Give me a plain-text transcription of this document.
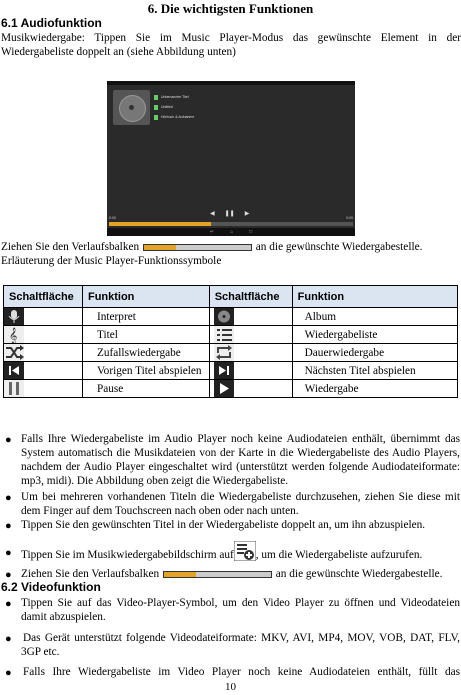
6. Die wichtigsten Funktionen
6.1 Audiofunktion
Musikwiedergabe: Tippen Sie im Music Player-Modus das gewünschte Element in der Wiedergabeliste doppelt an (siehe Abbildung unten)
Unbenannter Titel
Untitled
Hörbuch & Aufnahme
◀ ❚❚ ▶
0:00	0:00
↵	⌂	□
Ziehen Sie den Verlaufsbalken	an die gewünschte Wiedergabestelle.
Erläuterung der Music Player-Funktionssymbole
Schaltfläche	Funktion	Schaltfläche	Funktion

	Interpret		Album

𝄞	Titel		Wiedergabeliste

	Zufallswiedergabe		Dauerwiedergabe

	Vorigen Titel abspielen		Nächsten Titel abspielen

	Pause		Wiedergabe
● Falls Ihre Wiedergabeliste im Audio Player noch keine Audiodateien enthält, übernimmt das System automatisch die Musikdateien von der Karte in die Wiedergabeliste des Audio Players, nachdem der Audio Player eingeschaltet wird (unterstützt werden folgende Audiodateiformate: mp3, midi). Die Abbildung oben zeigt die Wiedergabeliste.
● Um bei mehreren vorhandenen Titeln die Wiedergabeliste durchzusehen, ziehen Sie diese mit dem Finger auf dem Touchscreen nach oben oder nach unten.
● Tippen Sie den gewünschten Titel in der Wiedergabeliste doppelt an, um ihn abzuspielen.
● Tippen Sie im Musikwiedergabebildschirm auf , um die Wiedergabeliste aufzurufen.
● Ziehen Sie den Verlaufsbalken	an die gewünschte Wiedergabestelle.
6.2 Videofunktion
● Tippen Sie auf das Video-Player-Symbol, um den Video Player zu öffnen und Videodateien damit abzuspielen.
● Das Gerät unterstützt folgende Videodateiformate: MKV, AVI, MP4, MOV, VOB, DAT, FLV, 3GP etc.
● Falls Ihre Wiedergabeliste im Video Player noch keine Audiodateien enthält, füllt das
10
